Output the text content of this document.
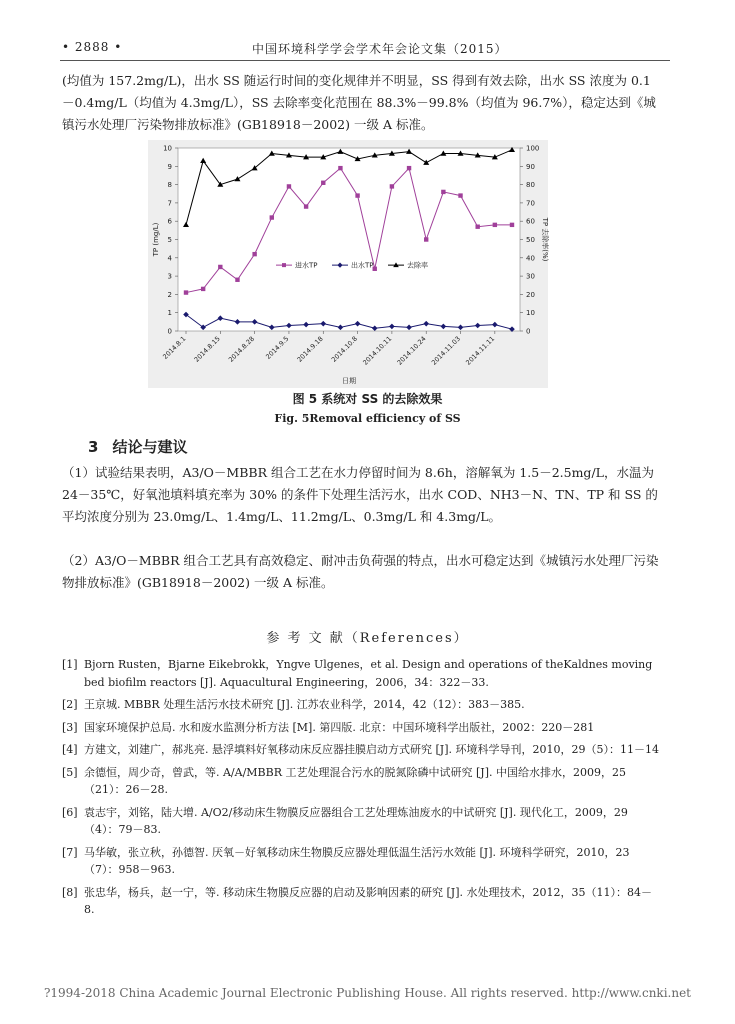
• 2888 •	中国环境科学学会学术年会论文集（2015）
(均值为 157.2mg/L)，出水 SS 随运行时间的变化规律并不明显，SS 得到有效去除，出水 SS 浓度为 0.1－0.4mg/L（均值为 4.3mg/L），SS 去除率变化范围在 88.3%－99.8%（均值为 96.7%），稳定达到《城镇污水处理厂污染物排放标准》(GB18918－2002) 一级 A 标准。
0
1
2
3
4
5
6
7
8
9
10
0
10
20
30
40
50
60
70
80
90
100
TP (mg/L)	TP 去除率(%)
日期
2014.8.1 2014.8.15 2014.8.28 2014.9.5 2014.9.18 2014.10.8 2014.10.11 2014.10.24 2014.11.03 2014.11.11
进水TP	出水TP	去除率
图 5 系统对 SS 的去除效果
Fig. 5Removal efficiency of SS
3 结论与建议
（1）试验结果表明，A3/O－MBBR 组合工艺在水力停留时间为 8.6h，溶解氧为 1.5－2.5mg/L，水温为 24－35℃，好氧池填料填充率为 30% 的条件下处理生活污水，出水 COD、NH3－N、TN、TP 和 SS 的平均浓度分别为 23.0mg/L、1.4mg/L、11.2mg/L、0.3mg/L 和 4.3mg/L。
（2）A3/O－MBBR 组合工艺具有高效稳定、耐冲击负荷强的特点，出水可稳定达到《城镇污水处理厂污染物排放标准》(GB18918－2002) 一级 A 标准。
参 考 文 献（References）
[1] Bjorn Rusten，Bjarne Eikebrokk，Yngve Ulgenes，et al. Design and operations of theKaldnes moving bed biofilm reactors [J]. Aquacultural Engineering，2006，34：322－33.
[2] 王京城. MBBR 处理生活污水技术研究 [J]. 江苏农业科学，2014，42（12）：383－385.
[3] 国家环境保护总局. 水和废水监测分析方法 [M]. 第四版. 北京：中国环境科学出版社，2002：220－281
[4] 方建文，刘建广，郝兆亮. 悬浮填料好氧移动床反应器挂膜启动方式研究 [J]. 环境科学导刊，2010，29（5）：11－14
[5] 余德恒，周少奇，曾武，等. A/A/MBBR 工艺处理混合污水的脱氮除磷中试研究 [J]. 中国给水排水，2009，25（21）：26－28.
[6] 袁志宇，刘铭，陆大增. A/O2/移动床生物膜反应器组合工艺处理炼油废水的中试研究 [J]. 现代化工，2009，29（4）：79－83.
[7] 马华敏，张立秋，孙德智. 厌氧－好氧移动床生物膜反应器处理低温生活污水效能 [J]. 环境科学研究，2010，23（7）：958－963.
[8] 张忠华，杨兵，赵一宁，等. 移动床生物膜反应器的启动及影响因素的研究 [J]. 水处理技术，2012，35（11）：84－8.
?1994-2018 China Academic Journal Electronic Publishing House. All rights reserved. http://www.cnki.net
